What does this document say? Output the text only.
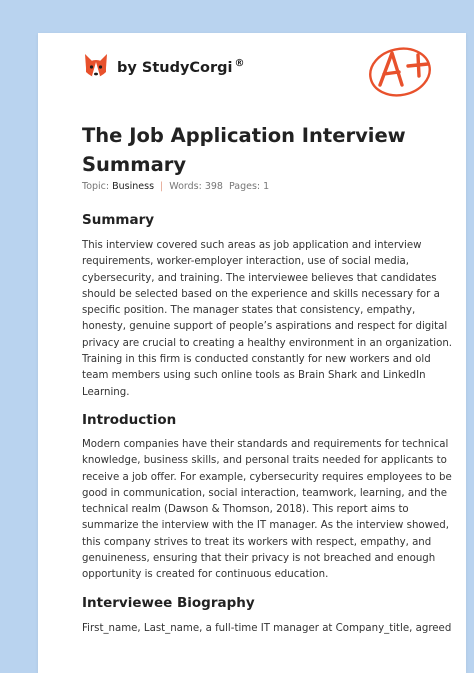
by StudyCorgi ®
The Job Application Interview
Summary
Topic: Business | Words: 398 Pages: 1
Summary

This interview covered such areas as job application and interview
requirements, worker-employer interaction, use of social media,
cybersecurity, and training. The interviewee believes that candidates
should be selected based on the experience and skills necessary for a
specific position. The manager states that consistency, empathy,
honesty, genuine support of people’s aspirations and respect for digital
privacy are crucial to creating a healthy environment in an organization.
Training in this firm is conducted constantly for new workers and old
team members using such online tools as Brain Shark and LinkedIn
Learning.

Introduction

Modern companies have their standards and requirements for technical
knowledge, business skills, and personal traits needed for applicants to
receive a job offer. For example, cybersecurity requires employees to be
good in communication, social interaction, teamwork, learning, and the
technical realm (Dawson & Thomson, 2018). This report aims to
summarize the interview with the IT manager. As the interview showed,
this company strives to treat its workers with respect, empathy, and
genuineness, ensuring that their privacy is not breached and enough
opportunity is created for continuous education.

Interviewee Biography

First_name, Last_name, a full-time IT manager at Company_title, agreed
